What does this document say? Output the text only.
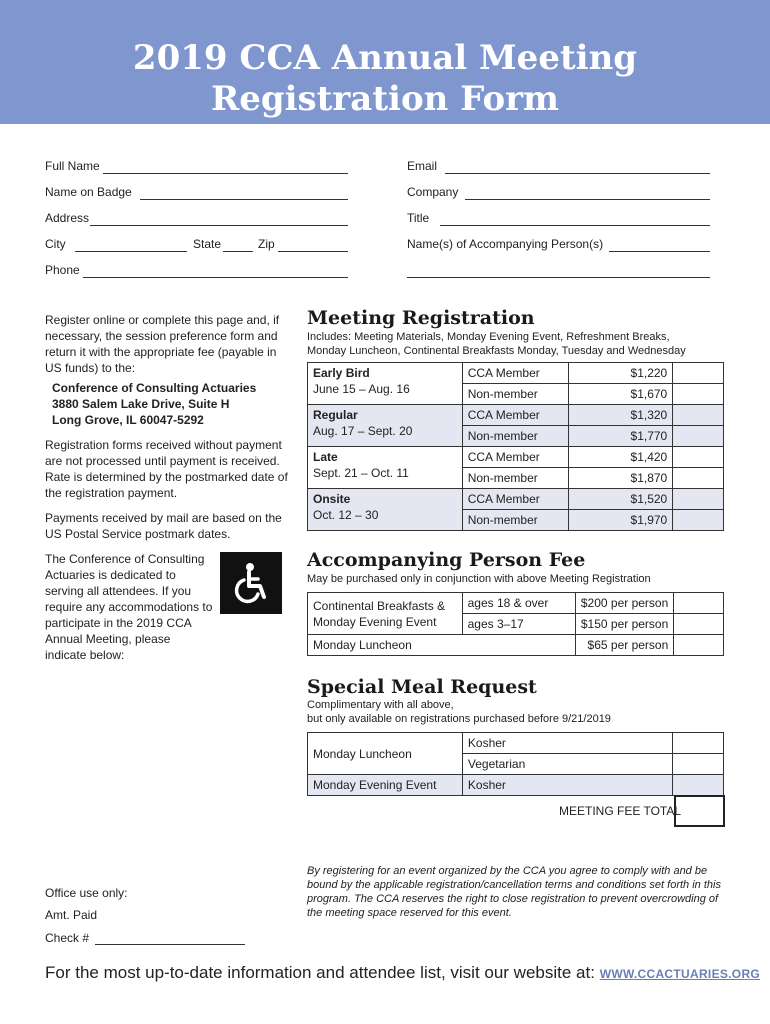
2019 CCA Annual Meeting
Registration Form
Full Name	Email
Name on Badge	Company
Address	Title
City	State	Zip	Name(s) of Accompanying Person(s)
Phone
Register online or complete this page and, if necessary, the session preference form and return it with the appropriate fee (payable in US funds) to the:
Conference of Consulting Actuaries
3880 Salem Lake Drive, Suite H
Long Grove, IL 60047-5292
Registration forms received without payment are not processed until payment is received. Rate is determined by the postmarked date of the registration payment.
Payments received by mail are based on the US Postal Service postmark dates.
The Conference of Consulting Actuaries is dedicated to serving all attendees. If you require any accommodations to participate in the 2019 CCA Annual Meeting, please indicate below:
Meeting Registration
Includes: Meeting Materials, Monday Evening Event, Refreshment Breaks,
Monday Luncheon, Continental Breakfasts Monday, Tuesday and Wednesday
Early Bird
June 15 – Aug. 16	CCA Member	$1,220	
	Non-member	$1,670	

Regular
Aug. 17 – Sept. 20	CCA Member	$1,320	
	Non-member	$1,770	

Late
Sept. 21 – Oct. 11	CCA Member	$1,420	
	Non-member	$1,870	

Onsite
Oct. 12 – 30	CCA Member	$1,520	
	Non-member	$1,970	
Accompanying Person Fee
May be purchased only in conjunction with above Meeting Registration
Continental Breakfasts &
Monday Evening Event	ages 18 & over	$200 per person	
	ages 3–17	$150 per person	
Monday Luncheon		$65 per person	
Special Meal Request
Complimentary with all above,
but only available on registrations purchased before 9/21/2019
Monday Luncheon	Kosher	
	Vegetarian	
Monday Evening Event	Kosher	
MEETING FEE TOTAL
Office use only:
Amt. Paid
Check #
By registering for an event organized by the CCA you agree to comply with and be bound by the applicable registration/cancellation terms and conditions set forth in this program. The CCA reserves the right to close registration to prevent overcrowding of the meeting space reserved for this event.
For the most up-to-date information and attendee list, visit our website at: WWW.CCACTUARIES.ORG
